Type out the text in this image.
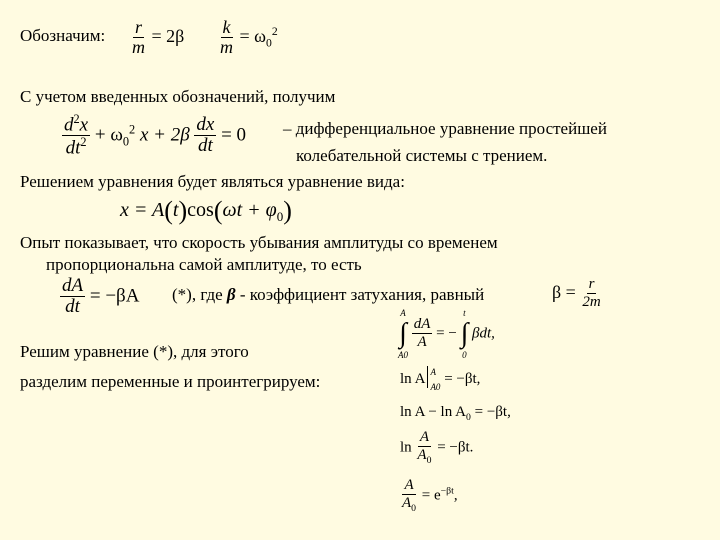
Обозначим: $\frac{r}{m} = 2\beta \frac{k}{m} = \omega_0^2$
С учетом введенных обозначений, получим
$\frac{d^2x}{dt^2} + \omega_0^2$ $x + 2\beta \frac{dx}{dt} = 0$ – дифференциальное уравнение простейшей
колебательной системы с трением.
Решением уравнения будет являться уравнение вида:
$x = A(t)\cos(\omega t + \varphi_0)$
Опыт показывает, что скорость убывания амплитуды со временем
пропорциональна самой амплитуде, то есть
$\frac{dA}{dt} = -\beta A$ (*), где β - коэффициент затухания, равный	$\beta = \frac{r}{2m}$
Решим уравнение (*), для этого
разделим переменные и проинтегрируем:
A
∫
A0

$\frac{dA}{A}$ = −
t
∫
0
βdt,
ln A A
A0 = −βt,
$\ln A - \ln A_0 = -\beta t$,
$\ln \frac{A}{A_0} = -\beta t$.
$\frac{A}{A_0} = e^{-\beta t}$,
